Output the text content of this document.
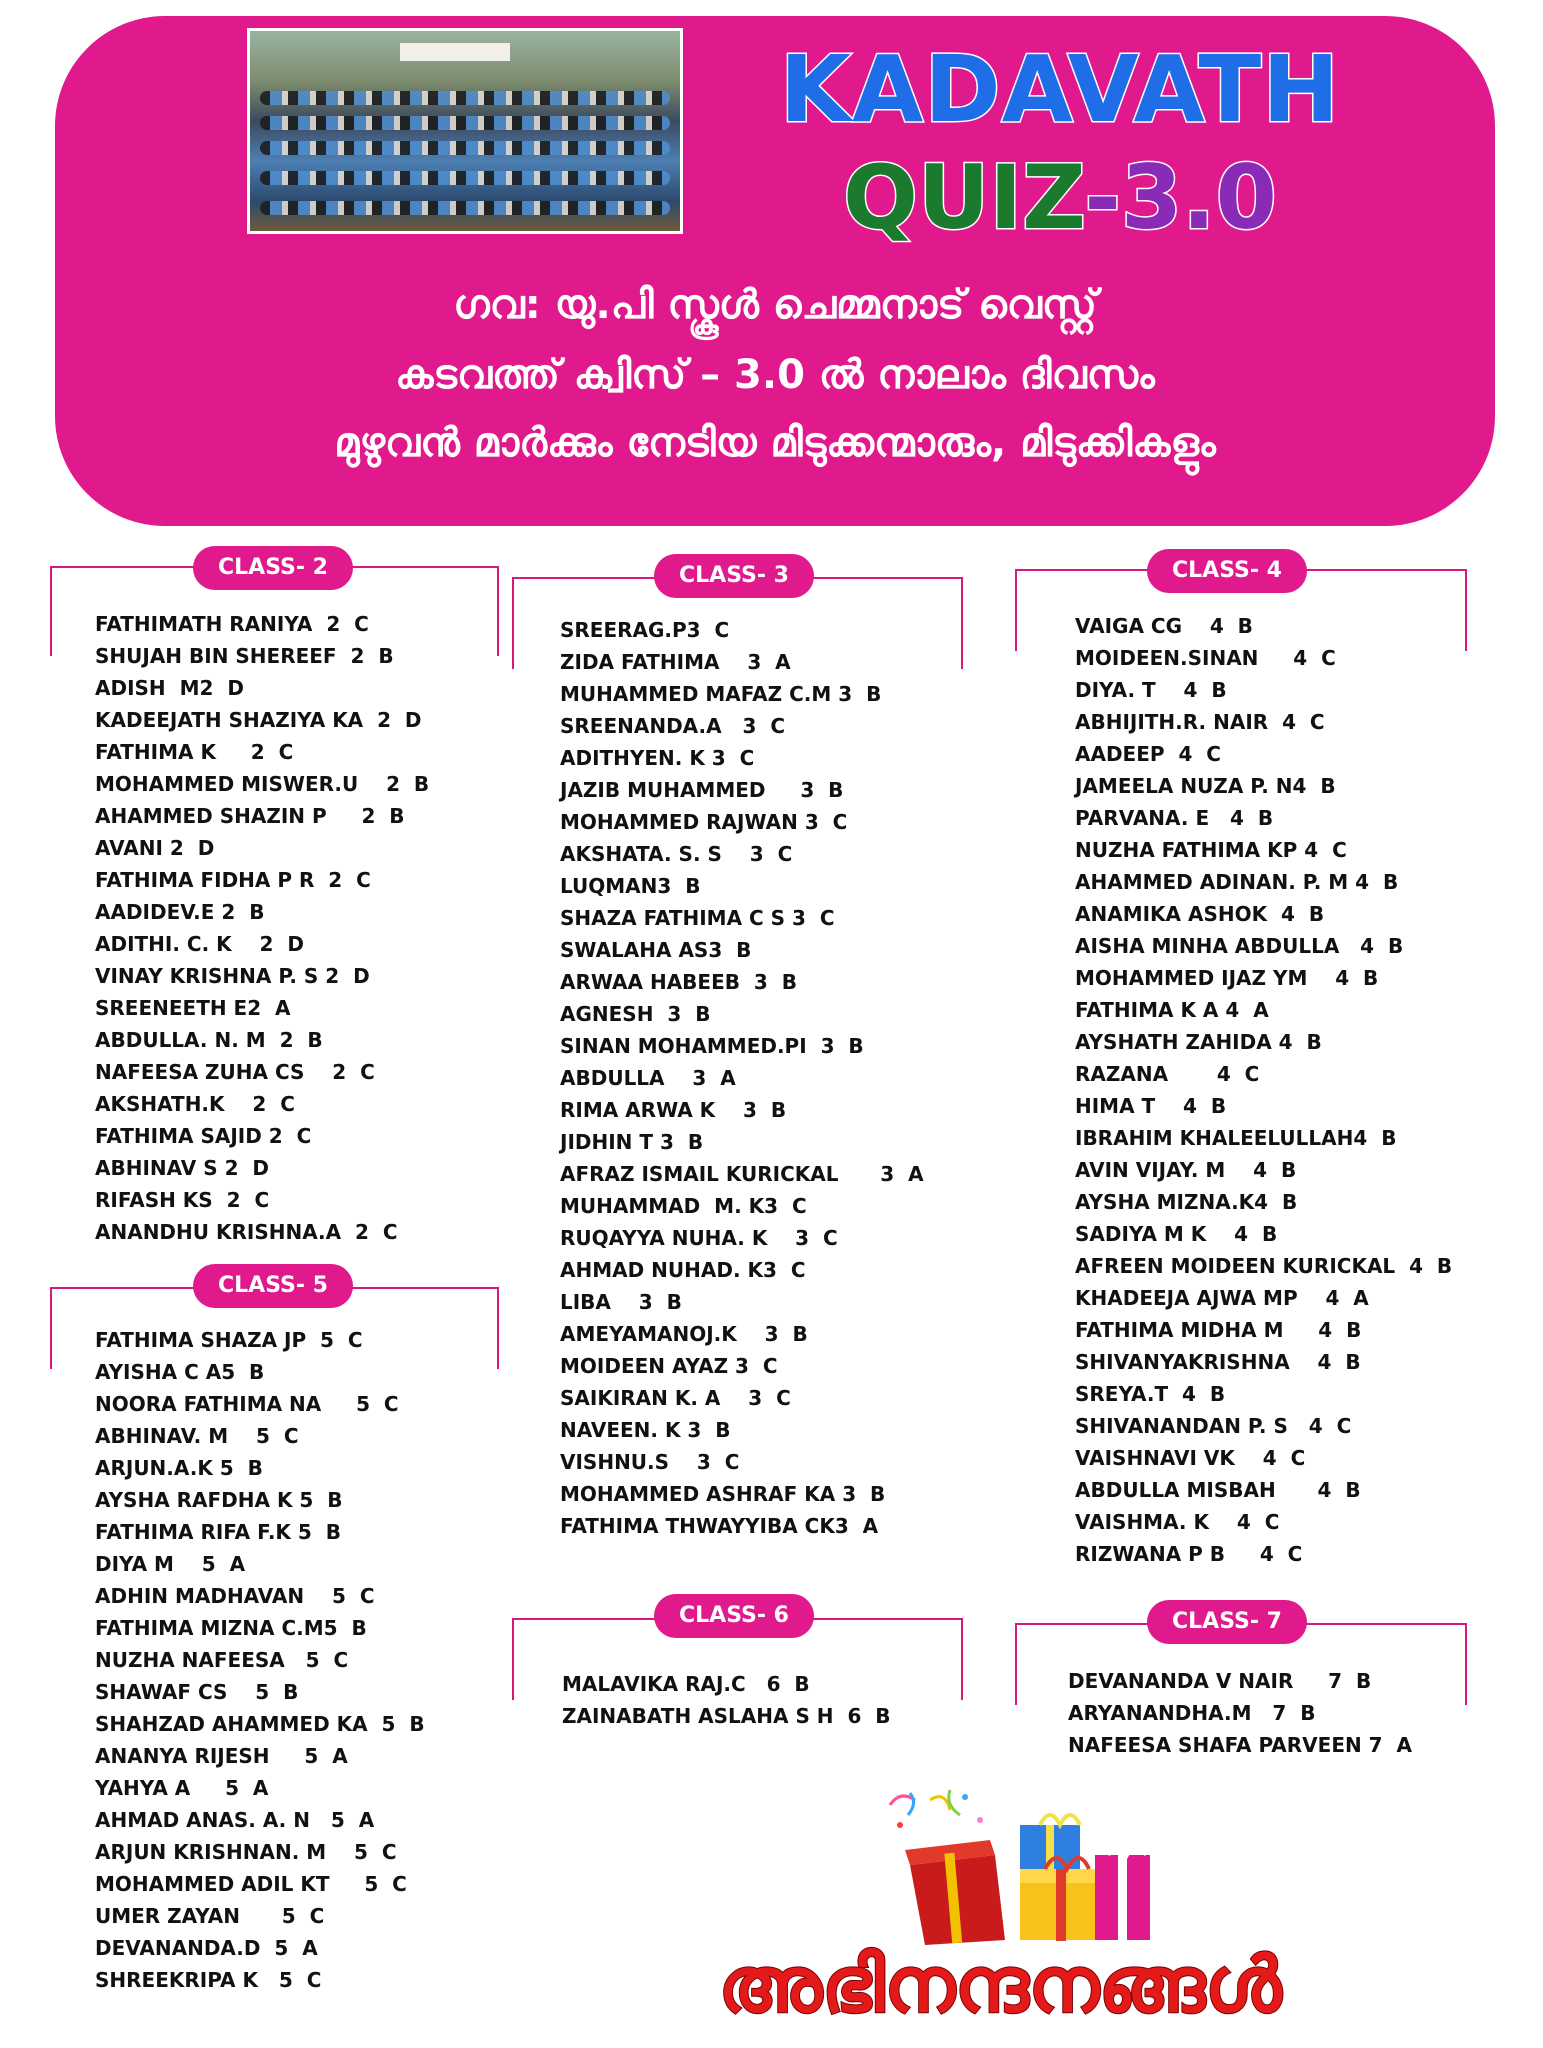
KADAVATH
QUIZ-3.0
ഗവ: യു.പി സ്കൂൾ ചെമ്മനാട് വെസ്റ്റ്
കടവത്ത് ക്വിസ് – 3.0 ൽ നാലാം ദിവസം
മുഴുവൻ മാർക്കും നേടിയ മിടുക്കന്മാരും, മിടുക്കികളും
CLASS- 2
FATHIMATH RANIYA  2  C
SHUJAH BIN SHEREEF  2  B
ADISH  M2  D
KADEEJATH SHAZIYA KA  2  D
FATHIMA K     2  C
MOHAMMED MISWER.U    2  B
AHAMMED SHAZIN P     2  B
AVANI 2  D
FATHIMA FIDHA P R  2  C
AADIDEV.E 2  B
ADITHI. C. K    2  D
VINAY KRISHNA P. S 2  D
SREENEETH E2  A
ABDULLA. N. M  2  B
NAFEESA ZUHA CS    2  C
AKSHATH.K    2  C
FATHIMA SAJID 2  C
ABHINAV S 2  D
RIFASH KS  2  C
ANANDHU KRISHNA.A  2  C
CLASS- 3
SREERAG.P3  C
ZIDA FATHIMA    3  A
MUHAMMED MAFAZ C.M 3  B
SREENANDA.A   3  C
ADITHYEN. K 3  C
JAZIB MUHAMMED     3  B
MOHAMMED RAJWAN 3  C
AKSHATA. S. S    3  C
LUQMAN3  B
SHAZA FATHIMA C S 3  C
SWALAHA AS3  B
ARWAA HABEEB  3  B
AGNESH  3  B
SINAN MOHAMMED.PI  3  B
ABDULLA    3  A
RIMA ARWA K    3  B
JIDHIN T 3  B
AFRAZ ISMAIL KURICKAL      3  A
MUHAMMAD  M. K3  C
RUQAYYA NUHA. K    3  C
AHMAD NUHAD. K3  C
LIBA    3  B
AMEYAMANOJ.K    3  B
MOIDEEN AYAZ 3  C
SAIKIRAN K. A    3  C
NAVEEN. K 3  B
VISHNU.S    3  C
MOHAMMED ASHRAF KA 3  B
FATHIMA THWAYYIBA CK3  A
CLASS- 4
VAIGA CG    4  B
MOIDEEN.SINAN     4  C
DIYA. T    4  B
ABHIJITH.R. NAIR  4  C
AADEEP  4  C
JAMEELA NUZA P. N4  B
PARVANA. E   4  B
NUZHA FATHIMA KP 4  C
AHAMMED ADINAN. P. M 4  B
ANAMIKA ASHOK  4  B
AISHA MINHA ABDULLA   4  B
MOHAMMED IJAZ YM    4  B
FATHIMA K A 4  A
AYSHATH ZAHIDA 4  B
RAZANA       4  C
HIMA T    4  B
IBRAHIM KHALEELULLAH4  B
AVIN VIJAY. M    4  B
AYSHA MIZNA.K4  B
SADIYA M K    4  B
AFREEN MOIDEEN KURICKAL  4  B
KHADEEJA AJWA MP    4  A
FATHIMA MIDHA M     4  B
SHIVANYAKRISHNA    4  B
SREYA.T  4  B
SHIVANANDAN P. S   4  C
VAISHNAVI VK    4  C
ABDULLA MISBAH      4  B
VAISHMA. K    4  C
RIZWANA P B     4  C
CLASS- 5
FATHIMA SHAZA JP  5  C
AYISHA C A5  B
NOORA FATHIMA NA     5  C
ABHINAV. M    5  C
ARJUN.A.K 5  B
AYSHA RAFDHA K 5  B
FATHIMA RIFA F.K 5  B
DIYA M    5  A
ADHIN MADHAVAN    5  C
FATHIMA MIZNA C.M5  B
NUZHA NAFEESA   5  C
SHAWAF CS    5  B
SHAHZAD AHAMMED KA  5  B
ANANYA RIJESH     5  A
YAHYA A     5  A
AHMAD ANAS. A. N   5  A
ARJUN KRISHNAN. M    5  C
MOHAMMED ADIL KT     5  C
UMER ZAYAN      5  C
DEVANANDA.D  5  A
SHREEKRIPA K   5  C
CLASS- 6
MALAVIKA RAJ.C   6  B
ZAINABATH ASLAHA S H  6  B
CLASS- 7
DEVANANDA V NAIR     7  B
ARYANANDHA.M   7  B
NAFEESA SHAFA PARVEEN 7  A
അഭിനന്ദനങ്ങൾ
